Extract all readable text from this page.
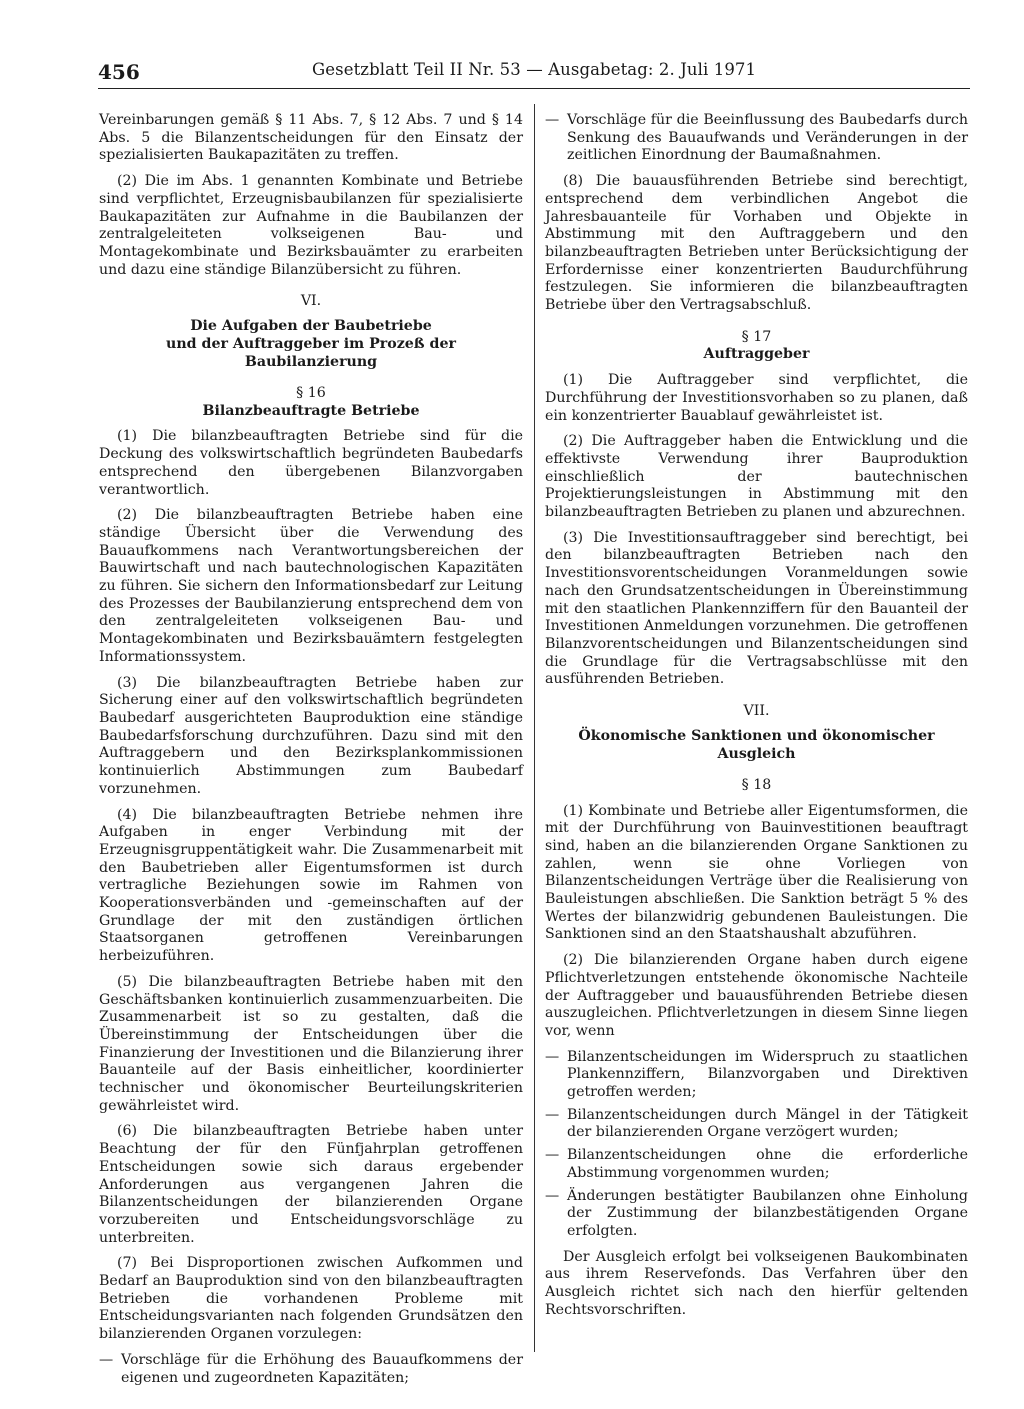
456	Gesetzblatt Teil II Nr. 53 — Ausgabetag: 2. Juli 1971

Vereinbarungen gemäß § 11 Abs. 7, § 12 Abs. 7 und § 14 Abs. 5 die Bilanzentscheidungen für den Einsatz der spezialisierten Baukapazitäten zu treffen.

(2) Die im Abs. 1 genannten Kombinate und Betriebe sind verpflichtet, Erzeugnisbaubilanzen für spezialisierte Baukapazitäten zur Aufnahme in die Baubilanzen der zentralgeleiteten volkseigenen Bau- und Montagekombinate und Bezirksbauämter zu erarbeiten und dazu eine ständige Bilanzübersicht zu führen.

VI.
Die Aufgaben der Baubetriebe
und der Auftraggeber im Prozeß der Baubilanzierung
§ 16
Bilanzbeauftragte Betriebe

(1) Die bilanzbeauftragten Betriebe sind für die Deckung des volkswirtschaftlich begründeten Baubedarfs entsprechend den übergebenen Bilanzvorgaben verantwortlich.

(2) Die bilanzbeauftragten Betriebe haben eine ständige Übersicht über die Verwendung des Bauaufkommens nach Verantwortungsbereichen der Bauwirtschaft und nach bautechnologischen Kapazitäten zu führen. Sie sichern den Informationsbedarf zur Leitung des Prozesses der Baubilanzierung entsprechend dem von den zentralgeleiteten volkseigenen Bau- und Montagekombinaten und Bezirksbauämtern festgelegten Informationssystem.

(3) Die bilanzbeauftragten Betriebe haben zur Sicherung einer auf den volkswirtschaftlich begründeten Baubedarf ausgerichteten Bauproduktion eine ständige Baubedarfsforschung durchzuführen. Dazu sind mit den Auftraggebern und den Bezirksplankommissionen kontinuierlich Abstimmungen zum Baubedarf vorzunehmen.

(4) Die bilanzbeauftragten Betriebe nehmen ihre Aufgaben in enger Verbindung mit der Erzeugnisgruppentätigkeit wahr. Die Zusammenarbeit mit den Baubetrieben aller Eigentumsformen ist durch vertragliche Beziehungen sowie im Rahmen von Kooperationsverbänden und -gemeinschaften auf der Grundlage der mit den zuständigen örtlichen Staatsorganen getroffenen Vereinbarungen herbeizuführen.

(5) Die bilanzbeauftragten Betriebe haben mit den Geschäftsbanken kontinuierlich zusammenzuarbeiten. Die Zusammenarbeit ist so zu gestalten, daß die Übereinstimmung der Entscheidungen über die Finanzierung der Investitionen und die Bilanzierung ihrer Bauanteile auf der Basis einheitlicher, koordinierter technischer und ökonomischer Beurteilungskriterien gewährleistet wird.

(6) Die bilanzbeauftragten Betriebe haben unter Beachtung der für den Fünfjahrplan getroffenen Entscheidungen sowie sich daraus ergebender Anforderungen aus vergangenen Jahren die Bilanzentscheidungen der bilanzierenden Organe vorzubereiten und Entscheidungsvorschläge zu unterbreiten.

(7) Bei Disproportionen zwischen Aufkommen und Bedarf an Bauproduktion sind von den bilanzbeauftragten Betrieben die vorhandenen Probleme mit Entscheidungsvarianten nach folgenden Grundsätzen den bilanzierenden Organen vorzulegen:

— Vorschläge für die Erhöhung des Bauaufkommens der eigenen und zugeordneten Kapazitäten;
— Vorschläge für die Beeinflussung des Baubedarfs durch Senkung des Bauaufwands und Veränderungen in der zeitlichen Einordnung der Baumaßnahmen.

(8) Die bauausführenden Betriebe sind berechtigt, entsprechend dem verbindlichen Angebot die Jahresbauanteile für Vorhaben und Objekte in Abstimmung mit den Auftraggebern und den bilanzbeauftragten Betrieben unter Berücksichtigung der Erfordernisse einer konzentrierten Baudurchführung festzulegen. Sie informieren die bilanzbeauftragten Betriebe über den Vertragsabschluß.

§ 17
Auftraggeber

(1) Die Auftraggeber sind verpflichtet, die Durchführung der Investitionsvorhaben so zu planen, daß ein konzentrierter Bauablauf gewährleistet ist.

(2) Die Auftraggeber haben die Entwicklung und die effektivste Verwendung ihrer Bauproduktion einschließlich der bautechnischen Projektierungsleistungen in Abstimmung mit den bilanzbeauftragten Betrieben zu planen und abzurechnen.

(3) Die Investitionsauftraggeber sind berechtigt, bei den bilanzbeauftragten Betrieben nach den Investitionsvorentscheidungen Voranmeldungen sowie nach den Grundsatzentscheidungen in Übereinstimmung mit den staatlichen Plankennziffern für den Bauanteil der Investitionen Anmeldungen vorzunehmen. Die getroffenen Bilanzvorentscheidungen und Bilanzentscheidungen sind die Grundlage für die Vertragsabschlüsse mit den ausführenden Betrieben.

VII.
Ökonomische Sanktionen und ökonomischer Ausgleich
§ 18

(1) Kombinate und Betriebe aller Eigentumsformen, die mit der Durchführung von Bauinvestitionen beauftragt sind, haben an die bilanzierenden Organe Sanktionen zu zahlen, wenn sie ohne Vorliegen von Bilanzentscheidungen Verträge über die Realisierung von Bauleistungen abschließen. Die Sanktion beträgt 5 % des Wertes der bilanzwidrig gebundenen Bauleistungen. Die Sanktionen sind an den Staatshaushalt abzuführen.

(2) Die bilanzierenden Organe haben durch eigene Pflichtverletzungen entstehende ökonomische Nachteile der Auftraggeber und bauausführenden Betriebe diesen auszugleichen. Pflichtverletzungen in diesem Sinne liegen vor, wenn

— Bilanzentscheidungen im Widerspruch zu staatlichen Plankennziffern, Bilanzvorgaben und Direktiven getroffen werden;
— Bilanzentscheidungen durch Mängel in der Tätigkeit der bilanzierenden Organe verzögert wurden;
— Bilanzentscheidungen ohne die erforderliche Abstimmung vorgenommen wurden;
— Änderungen bestätigter Baubilanzen ohne Einholung der Zustimmung der bilanzbestätigenden Organe erfolgten.

Der Ausgleich erfolgt bei volkseigenen Baukombinaten aus ihrem Reservefonds. Das Verfahren über den Ausgleich richtet sich nach den hierfür geltenden Rechtsvorschriften.
